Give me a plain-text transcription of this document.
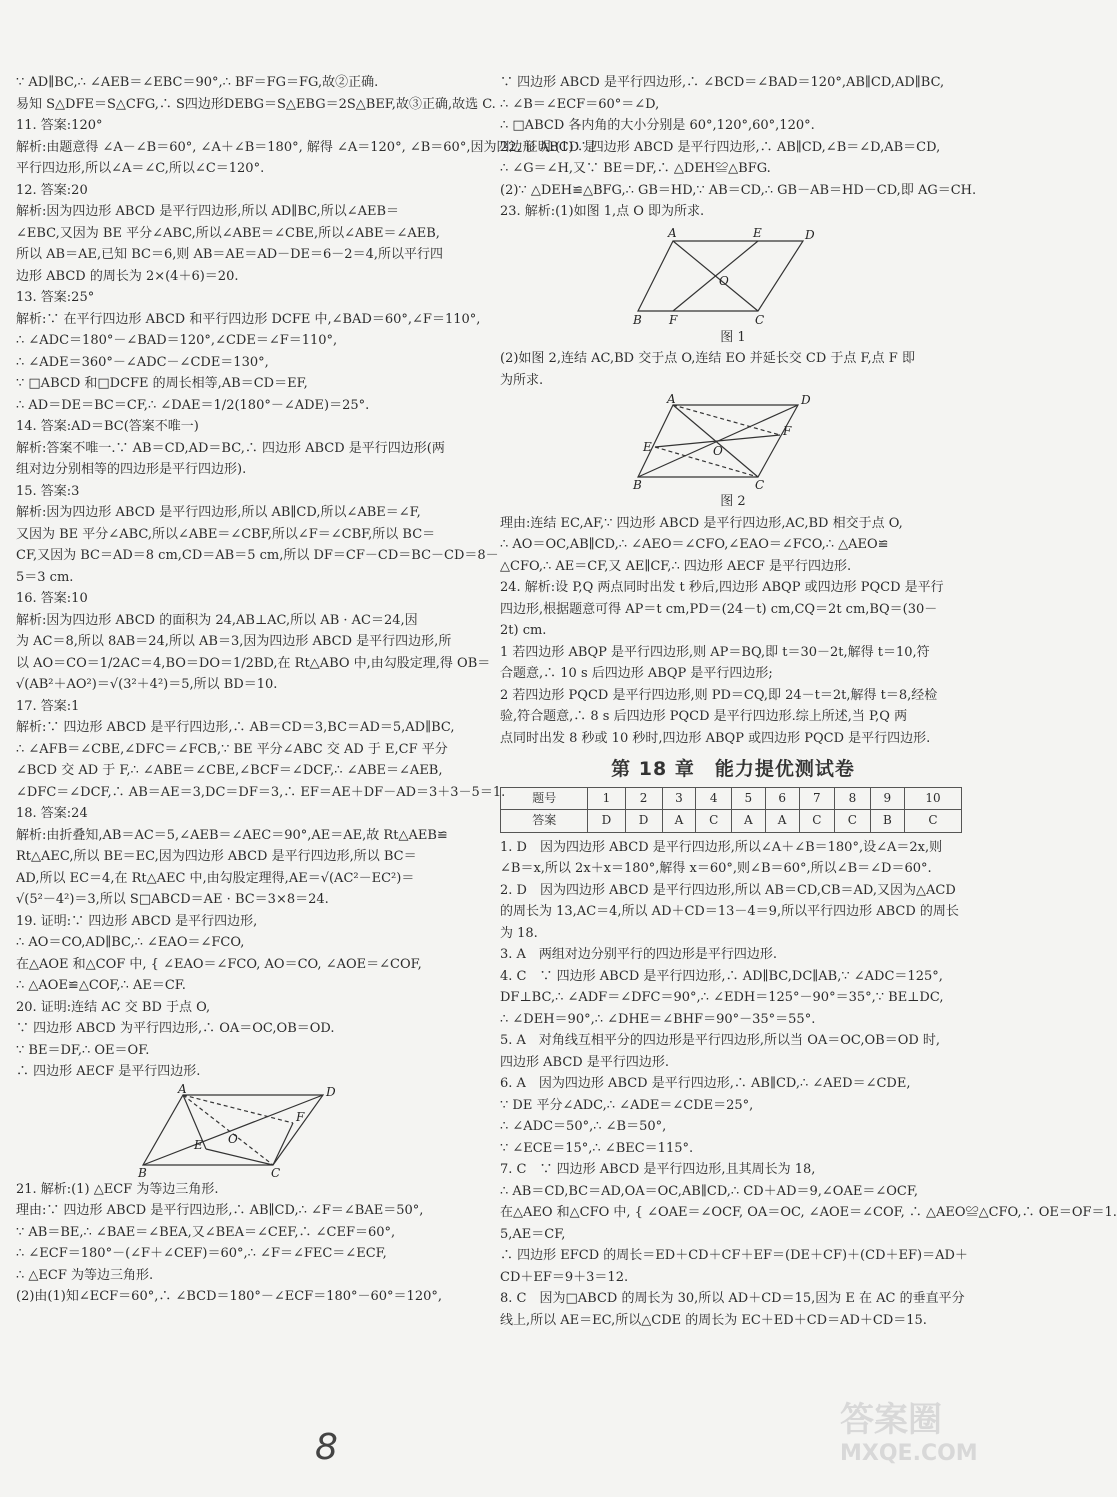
∵ AD∥BC,∴ ∠AEB＝∠EBC＝90°,∴ BF＝FG＝FG,故②正确.
易知 S△DFE＝S△CFG,∴ S四边形DEBG＝S△EBG＝2S△BEF,故③正确,故选 C.
11. 答案:120°
解析:由题意得 ∠A－∠B＝60°, ∠A＋∠B＝180°, 解得 ∠A＝120°, ∠B＝60°,因为四边形 ABCD 是
平行四边形,所以∠A＝∠C,所以∠C＝120°.
12. 答案:20
解析:因为四边形 ABCD 是平行四边形,所以 AD∥BC,所以∠AEB＝
∠EBC,又因为 BE 平分∠ABC,所以∠ABE＝∠CBE,所以∠ABE＝∠AEB,
所以 AB＝AE,已知 BC＝6,则 AB＝AE＝AD－DE＝6－2＝4,所以平行四
边形 ABCD 的周长为 2×(4＋6)＝20.
13. 答案:25°
解析:∵ 在平行四边形 ABCD 和平行四边形 DCFE 中,∠BAD＝60°,∠F＝110°,
∴ ∠ADC＝180°－∠BAD＝120°,∠CDE＝∠F＝110°,
∴ ∠ADE＝360°－∠ADC－∠CDE＝130°,
∵ □ABCD 和□DCFE 的周长相等,AB＝CD＝EF,
∴ AD＝DE＝BC＝CF,∴ ∠DAE＝1/2(180°－∠ADE)＝25°.
14. 答案:AD＝BC(答案不唯一)
解析:答案不唯一.∵ AB＝CD,AD＝BC,∴ 四边形 ABCD 是平行四边形(两
组对边分别相等的四边形是平行四边形).
15. 答案:3
解析:因为四边形 ABCD 是平行四边形,所以 AB∥CD,所以∠ABE＝∠F,
又因为 BE 平分∠ABC,所以∠ABE＝∠CBF,所以∠F＝∠CBF,所以 BC＝
CF,又因为 BC＝AD＝8 cm,CD＝AB＝5 cm,所以 DF＝CF－CD＝BC－CD＝8－
5＝3 cm.
16. 答案:10
解析:因为四边形 ABCD 的面积为 24,AB⊥AC,所以 AB · AC＝24,因
为 AC＝8,所以 8AB＝24,所以 AB＝3,因为四边形 ABCD 是平行四边形,所
以 AO＝CO＝1/2AC＝4,BO＝DO＝1/2BD,在 Rt△ABO 中,由勾股定理,得 OB＝
√(AB²＋AO²)＝√(3²＋4²)＝5,所以 BD＝10.
17. 答案:1
解析:∵ 四边形 ABCD 是平行四边形,∴ AB＝CD＝3,BC＝AD＝5,AD∥BC,
∴ ∠AFB＝∠CBE,∠DFC＝∠FCB,∵ BE 平分∠ABC 交 AD 于 E,CF 平分
∠BCD 交 AD 于 F,∴ ∠ABE＝∠CBE,∠BCF＝∠DCF,∴ ∠ABE＝∠AEB,
∠DFC＝∠DCF,∴ AB＝AE＝3,DC＝DF＝3,∴ EF＝AE＋DF－AD＝3＋3－5＝1.
18. 答案:24
解析:由折叠知,AB＝AC＝5,∠AEB＝∠AEC＝90°,AE＝AE,故 Rt△AEB≌
Rt△AEC,所以 BE＝EC,因为四边形 ABCD 是平行四边形,所以 BC＝
AD,所以 EC＝4,在 Rt△AEC 中,由勾股定理得,AE＝√(AC²－EC²)＝
√(5²－4²)＝3,所以 S□ABCD＝AE · BC＝3×8＝24.
19. 证明:∵ 四边形 ABCD 是平行四边形,
∴ AO＝CO,AD∥BC,∴ ∠EAO＝∠FCO,
在△AOE 和△COF 中, { ∠EAO＝∠FCO, AO＝CO, ∠AOE＝∠COF,
∴ △AOE≌△COF,∴ AE＝CF.
20. 证明:连结 AC 交 BD 于点 O,
∵ 四边形 ABCD 为平行四边形,∴ OA＝OC,OB＝OD.
∵ BE＝DF,∴ OE＝OF.
∴ 四边形 AECF 是平行四边形.
A	D
B	C
E
F
O
21. 解析:(1) △ECF 为等边三角形.
理由:∵ 四边形 ABCD 是平行四边形,∴ AB∥CD,∴ ∠F＝∠BAE＝50°,
∵ AB＝BE,∴ ∠BAE＝∠BEA,又∠BEA＝∠CEF,∴ ∠CEF＝60°,
∴ ∠ECF＝180°－(∠F＋∠CEF)＝60°,∴ ∠F＝∠FEC＝∠ECF,
∴ △ECF 为等边三角形.
(2)由(1)知∠ECF＝60°,∴ ∠BCD＝180°－∠ECF＝180°－60°＝120°,
∵ 四边形 ABCD 是平行四边形,∴ ∠BCD＝∠BAD＝120°,AB∥CD,AD∥BC,
∴ ∠B＝∠ECF＝60°＝∠D,
∴ □ABCD 各内角的大小分别是 60°,120°,60°,120°.
22. 证明:(1)∵ 四边形 ABCD 是平行四边形,∴ AB∥CD,∠B＝∠D,AB＝CD,
∴ ∠G＝∠H,又∵ BE＝DF,∴ △DEH≌△BFG.
(2)∵ △DEH≌△BFG,∴ GB＝HD,∵ AB＝CD,∴ GB－AB＝HD－CD,即 AG＝CH.
23. 解析:(1)如图 1,点 O 即为所求.
A	E	D
B F	C
O
图 1
(2)如图 2,连结 AC,BD 交于点 O,连结 EO 并延长交 CD 于点 F,点 F 即
为所求.
A	D
B	C
E
F
O
图 2
理由:连结 EC,AF,∵ 四边形 ABCD 是平行四边形,AC,BD 相交于点 O,
∴ AO＝OC,AB∥CD,∴ ∠AEO＝∠CFO,∠EAO＝∠FCO,∴ △AEO≌
△CFO,∴ AE＝CF,又 AE∥CF,∴ 四边形 AECF 是平行四边形.
24. 解析:设 P,Q 两点同时出发 t 秒后,四边形 ABQP 或四边形 PQCD 是平行
四边形,根据题意可得 AP＝t cm,PD＝(24－t) cm,CQ＝2t cm,BQ＝(30－
2t) cm.
1 若四边形 ABQP 是平行四边形,则 AP＝BQ,即 t＝30－2t,解得 t＝10,符
合题意,∴ 10 s 后四边形 ABQP 是平行四边形;
2 若四边形 PQCD 是平行四边形,则 PD＝CQ,即 24－t＝2t,解得 t＝8,经检
验,符合题意,∴ 8 s 后四边形 PQCD 是平行四边形.综上所述,当 P,Q 两
点同时出发 8 秒或 10 秒时,四边形 ABQP 或四边形 PQCD 是平行四边形.
第 18 章　能力提优测试卷
题号	1	2	3	4	5	6	7	8	9	10
答案	D	D	A	C	A	A	C	C	B	C
1. D　因为四边形 ABCD 是平行四边形,所以∠A＋∠B＝180°,设∠A＝2x,则
∠B＝x,所以 2x＋x＝180°,解得 x＝60°,则∠B＝60°,所以∠B＝∠D＝60°.
2. D　因为四边形 ABCD 是平行四边形,所以 AB＝CD,CB＝AD,又因为△ACD
的周长为 13,AC＝4,所以 AD＋CD＝13－4＝9,所以平行四边形 ABCD 的周长
为 18.
3. A　两组对边分别平行的四边形是平行四边形.
4. C　∵ 四边形 ABCD 是平行四边形,∴ AD∥BC,DC∥AB,∵ ∠ADC＝125°,
DF⊥BC,∴ ∠ADF＝∠DFC＝90°,∴ ∠EDH＝125°－90°＝35°,∵ BE⊥DC,
∴ ∠DEH＝90°,∴ ∠DHE＝∠BHF＝90°－35°＝55°.
5. A　对角线互相平分的四边形是平行四边形,所以当 OA＝OC,OB＝OD 时,
四边形 ABCD 是平行四边形.
6. A　因为四边形 ABCD 是平行四边形,∴ AB∥CD,∴ ∠AED＝∠CDE,
∵ DE 平分∠ADC,∴ ∠ADE＝∠CDE＝25°,
∴ ∠ADC＝50°,∴ ∠B＝50°,
∵ ∠ECE＝15°,∴ ∠BEC＝115°.
7. C　∵ 四边形 ABCD 是平行四边形,且其周长为 18,
∴ AB＝CD,BC＝AD,OA＝OC,AB∥CD,∴ CD＋AD＝9,∠OAE＝∠OCF,
在△AEO 和△CFO 中, { ∠OAE＝∠OCF, OA＝OC, ∠AOE＝∠COF, ∴ △AEO≌△CFO,∴ OE＝OF＝1.
5,AE＝CF,
∴ 四边形 EFCD 的周长＝ED＋CD＋CF＋EF＝(DE＋CF)＋(CD＋EF)＝AD＋
CD＋EF＝9＋3＝12.
8. C　因为□ABCD 的周长为 30,所以 AD＋CD＝15,因为 E 在 AC 的垂直平分
线上,所以 AE＝EC,所以△CDE 的周长为 EC＋ED＋CD＝AD＋CD＝15.
8
答案圈
MXQE.COM
